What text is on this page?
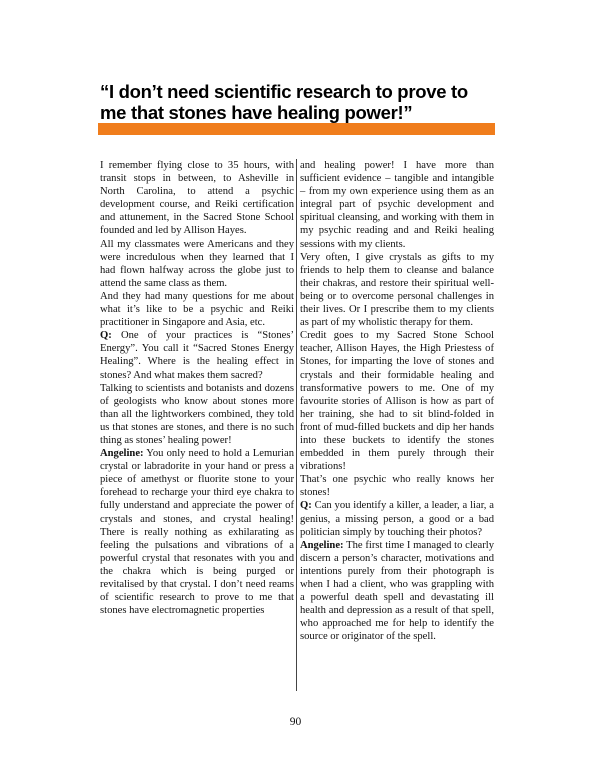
“I don’t need scientific research to prove to me that stones have healing power!”

I remember flying close to 35 hours, with transit stops in between, to Asheville in North Carolina, to attend a psychic development course, and Reiki certification and attunement, in the Sacred Stone School founded and led by Allison Hayes.

All my classmates were Americans and they were incredulous when they learned that I had flown halfway across the globe just to attend the same class as them.

And they had many questions for me about what it’s like to be a psychic and Reiki practitioner in Singapore and Asia, etc.

Q: One of your practices is “Stones’ Energy”. You call it “Sacred Stones Energy Healing”. Where is the healing effect in stones? And what makes them sacred?

Talking to scientists and botanists and dozens of geologists who know about stones more than all the lightworkers combined, they told us that stones are stones, and there is no such thing as stones’ healing power!

Angeline: You only need to hold a Lemurian crystal or labradorite in your hand or press a piece of amethyst or fluorite stone to your forehead to recharge your third eye chakra to fully understand and appreciate the power of crystals and stones, and crystal healing! There is really nothing as exhilarating as feeling the pulsations and vibrations of a powerful crystal that resonates with you and the chakra which is being purged or revitalised by that crystal. I don’t need reams of scientific research to prove to me that stones have electromagnetic properties

and healing power! I have more than sufficient evidence – tangible and intangible – from my own experience using them as an integral part of psychic development and spiritual cleansing, and working with them in my psychic reading and and Reiki healing sessions with my clients.

Very often, I give crystals as gifts to my friends to help them to cleanse and balance their chakras, and restore their spiritual well-being or to overcome personal challenges in their lives. Or I prescribe them to my clients as part of my wholistic therapy for them.

Credit goes to my Sacred Stone School teacher, Allison Hayes, the High Priestess of Stones, for imparting the love of stones and crystals and their formidable healing and transformative powers to me. One of my favourite stories of Allison is how as part of her training, she had to sit blind-folded in front of mud-filled buckets and dip her hands into these buckets to identify the stones embedded in them purely through their vibrations!

That’s one psychic who really knows her stones!

Q: Can you identify a killer, a leader, a liar, a genius, a missing person, a good or a bad politician simply by touching their photos?

Angeline: The first time I managed to clearly discern a person’s character, motivations and intentions purely from their photograph is when I had a client, who was grappling with a powerful death spell and devastating ill health and depression as a result of that spell, who approached me for help to identify the source or originator of the spell.

90
